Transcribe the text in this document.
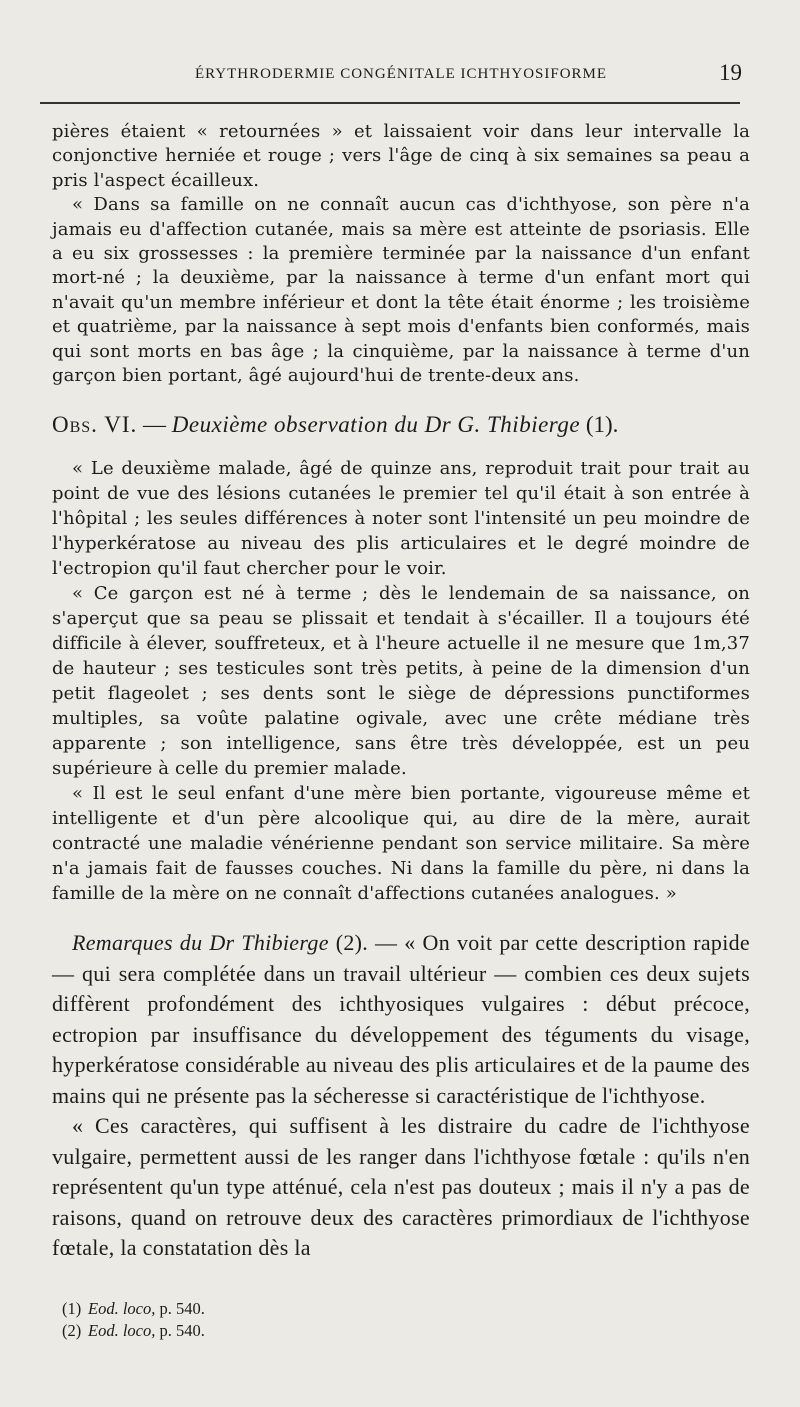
ÉRYTHRODERMIE CONGÉNITALE ICHTHYOSIFORME	19

pières étaient « retournées » et laissaient voir dans leur intervalle la conjonctive herniée et rouge ; vers l'âge de cinq à six semaines sa peau a pris l'aspect écailleux.

« Dans sa famille on ne connaît aucun cas d'ichthyose, son père n'a jamais eu d'affection cutanée, mais sa mère est atteinte de psoriasis. Elle a eu six grossesses : la première terminée par la naissance d'un enfant mort-né ; la deuxième, par la naissance à terme d'un enfant mort qui n'avait qu'un membre inférieur et dont la tête était énorme ; les troisième et quatrième, par la naissance à sept mois d'enfants bien conformés, mais qui sont morts en bas âge ; la cinquième, par la naissance à terme d'un garçon bien portant, âgé aujourd'hui de trente-deux ans.

Obs. VI. — Deuxième observation du Dr G. Thibierge (1).

« Le deuxième malade, âgé de quinze ans, reproduit trait pour trait au point de vue des lésions cutanées le premier tel qu'il était à son entrée à l'hôpital ; les seules différences à noter sont l'intensité un peu moindre de l'hyperkératose au niveau des plis articulaires et le degré moindre de l'ectropion qu'il faut chercher pour le voir.

« Ce garçon est né à terme ; dès le lendemain de sa naissance, on s'aperçut que sa peau se plissait et tendait à s'écailler. Il a toujours été difficile à élever, souffreteux, et à l'heure actuelle il ne mesure que 1m,37 de hauteur ; ses testicules sont très petits, à peine de la dimension d'un petit flageolet ; ses dents sont le siège de dépressions punctiformes multiples, sa voûte palatine ogivale, avec une crête médiane très apparente ; son intelligence, sans être très développée, est un peu supérieure à celle du premier malade.

« Il est le seul enfant d'une mère bien portante, vigoureuse même et intelligente et d'un père alcoolique qui, au dire de la mère, aurait contracté une maladie vénérienne pendant son service militaire. Sa mère n'a jamais fait de fausses couches. Ni dans la famille du père, ni dans la famille de la mère on ne connaît d'affections cutanées analogues. »

Remarques du Dr Thibierge (2). — « On voit par cette description rapide — qui sera complétée dans un travail ultérieur — combien ces deux sujets diffèrent profondément des ichthyosiques vulgaires : début précoce, ectropion par insuffisance du développement des téguments du visage, hyperkératose considérable au niveau des plis articulaires et de la paume des mains qui ne présente pas la sécheresse si caractéristique de l'ichthyose.

« Ces caractères, qui suffisent à les distraire du cadre de l'ichthyose vulgaire, permettent aussi de les ranger dans l'ichthyose fœtale : qu'ils n'en représentent qu'un type atténué, cela n'est pas douteux ; mais il n'y a pas de raisons, quand on retrouve deux des caractères primordiaux de l'ichthyose fœtale, la constatation dès la

(1) Eod. loco, p. 540.
(2) Eod. loco, p. 540.
